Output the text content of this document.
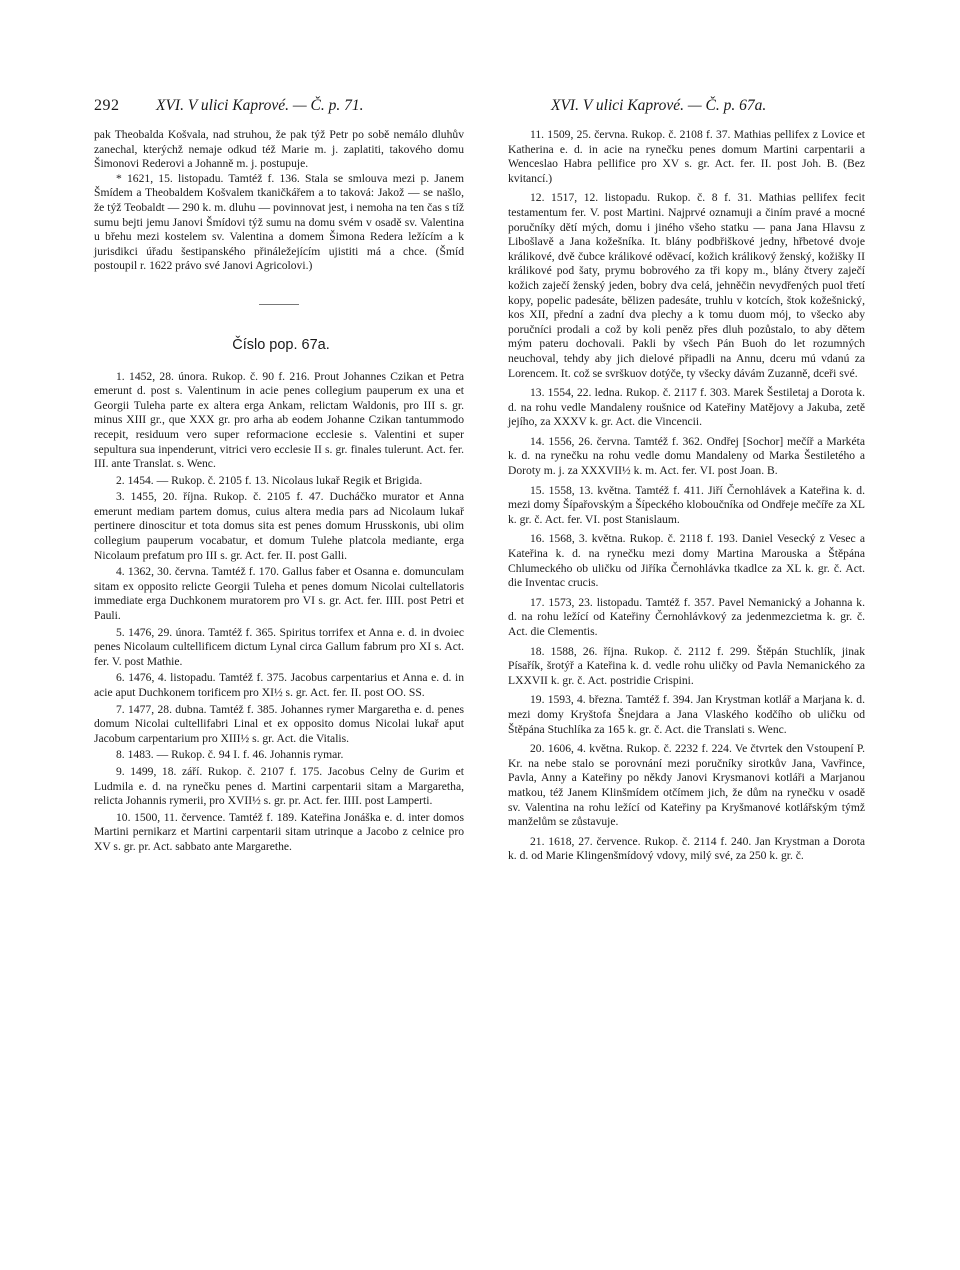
292 XVI. V ulici Kaprové. — Č. p. 71.	XVI. V ulici Kaprové. — Č. p. 67a.

pak Theobalda Košvala, nad struhou, že pak týž Petr po sobě nemálo dluhův zanechal, kterýchž nemaje odkud též Marie m. j. zaplatiti, takového domu Šimonovi Rederovi a Johanně m. j. postupuje.

* 1621, 15. listopadu. Tamtéž f. 136. Stala se smlouva mezi p. Janem Šmídem a Theobaldem Košvalem tkaničkářem a to taková: Jakož — se našlo, že týž Teobaldt — 290 k. m. dluhu — povinnovat jest, i nemoha na ten čas s tíž sumu bejti jemu Janovi Šmídovi týž sumu na domu svém v osadě sv. Valentina u břehu mezi kostelem sv. Valentina a domem Šimona Redera ležícím a k jurisdikci úřadu šestipanského přináležejícím ujistiti má a chce. (Šmíd postoupil r. 1622 právo své Janovi Agricolovi.)

Číslo pop. 67a.

1. 1452, 28. února. Rukop. č. 90 f. 216. Prout Johannes Czikan et Petra emerunt d. post s. Valentinum in acie penes collegium pauperum ex una et Georgii Tuleha parte ex altera erga Ankam, relictam Waldonis, pro III s. gr. minus XIII gr., que XXX gr. pro arha ab eodem Johanne Czikan tantummodo recepit, residuum vero super reformacione ecclesie s. Valentini et super sepultura sua inpenderunt, vitrici vero ecclesie II s. gr. finales tulerunt. Act. fer. III. ante Translat. s. Wenc.

2. 1454. — Rukop. č. 2105 f. 13. Nicolaus lukař Regik et Brigida.

3. 1455, 20. října. Rukop. č. 2105 f. 47. Ducháčko murator et Anna emerunt mediam partem domus, cuius altera media pars ad Nicolaum lukař pertinere dinoscitur et tota domus sita est penes domum Hrusskonis, ubi olim collegium pauperum vocabatur, et domum Tulehe platcola mediante, erga Nicolaum prefatum pro III s. gr. Act. fer. II. post Galli.

4. 1362, 30. června. Tamtéž f. 170. Gallus faber et Osanna e. domunculam sitam ex opposito relicte Georgii Tuleha et penes domum Nicolai cultellatoris immediate erga Duchkonem muratorem pro VI s. gr. Act. fer. IIII. post Petri et Pauli.

5. 1476, 29. února. Tamtéž f. 365. Spiritus torrifex et Anna e. d. in dvoiec penes Nicolaum cultellificem dictum Lynal circa Gallum fabrum pro XI s. Act. fer. V. post Mathie.

6. 1476, 4. listopadu. Tamtéž f. 375. Jacobus carpentarius et Anna e. d. in acie aput Duchkonem torificem pro XI½ s. gr. Act. fer. II. post OO. SS.

7. 1477, 28. dubna. Tamtéž f. 385. Johannes rymer Margaretha e. d. penes domum Nicolai cultellifabri Linal et ex opposito domus Nicolai lukař aput Jacobum carpentarium pro XIII½ s. gr. Act. die Vitalis.

8. 1483. — Rukop. č. 94 I. f. 46. Johannis rymar.

9. 1499, 18. září. Rukop. č. 2107 f. 175. Jacobus Celny de Gurim et Ludmila e. d. na rynečku penes d. Martini carpentarii sitam a Margaretha, relicta Johannis rymerii, pro XVII½ s. gr. pr. Act. fer. IIII. post Lamperti.

10. 1500, 11. července. Tamtéž f. 189. Kateřina Jonáška e. d. inter domos Martini pernikarz et Martini carpentarii sitam utrinque a Jacobo z celnice pro XV s. gr. pr. Act. sabbato ante Margarethe.

11. 1509, 25. června. Rukop. č. 2108 f. 37. Mathias pellifex z Lovice et Katherina e. d. in acie na rynečku penes domum Martini carpentarii a Wenceslao Habra pellifice pro XV s. gr. Act. fer. II. post Joh. B. (Bez kvitancí.)

12. 1517, 12. listopadu. Rukop. č. 8 f. 31. Mathias pellifex fecit testamentum fer. V. post Martini. Najprvé oznamuji a činím pravé a mocné poručníky dětí mých, domu i jiného všeho statku — pana Jana Hlavsu z Libošlavě a Jana kožešníka. It. blány podbřiškové jedny, hřbetové dvoje králikové, dvě čubce králikové oděvací, kožich králikový ženský, kožišky II králikové pod šaty, prymu bobrového za tři kopy m., blány čtvery zaječí kožich zaječí ženský jeden, bobry dva celá, jehněčin nevydřených puol třetí kopy, popelic padesáte, bělizen padesáte, truhlu v kotcích, štok kožešnický, kos XII, přední a zadní dva plechy a k tomu duom mój, to všecko aby poručníci prodali a což by koli peněz přes dluh pozůstalo, to aby dětem mým pateru dochovali. Pakli by všech Pán Buoh do let rozumných neuchoval, tehdy aby jich dielové připadli na Annu, dceru mú vdanú za Lorencem. It. což se svrškuov dotýče, ty všecky dávám Zuzanně, dceři své.

13. 1554, 22. ledna. Rukop. č. 2117 f. 303. Marek Šestiletaj a Dorota k. d. na rohu vedle Mandaleny roušnice od Kateřiny Matějovy a Jakuba, zetě jejího, za XXXV k. gr. Act. die Vincencii.

14. 1556, 26. června. Tamtéž f. 362. Ondřej [Sochor] mečíř a Markéta k. d. na rynečku na rohu vedle domu Mandaleny od Marka Šestiletého a Doroty m. j. za XXXVII½ k. m. Act. fer. VI. post Joan. B.

15. 1558, 13. května. Tamtéž f. 411. Jiří Černohlávek a Kateřina k. d. mezi domy Šípařovským a Šípeckého kloboučníka od Ondřeje mečíře za XL k. gr. č. Act. fer. VI. post Stanislaum.

16. 1568, 3. května. Rukop. č. 2118 f. 193. Daniel Vesecký z Vesec a Kateřina k. d. na rynečku mezi domy Martina Marouska a Štěpána Chlumeckého ob uličku od Jiříka Černohlávka tkadlce za XL k. gr. č. Act. die Inventac crucis.

17. 1573, 23. listopadu. Tamtéž f. 357. Pavel Nemanický a Johanna k. d. na rohu ležící od Kateřiny Černohlávkový za jedenmezcietma k. gr. č. Act. die Clementis.

18. 1588, 26. října. Rukop. č. 2112 f. 299. Štěpán Stuchlík, jinak Písařík, šrotýř a Kateřina k. d. vedle rohu uličky od Pavla Nemanického za LXXVII k. gr. č. Act. postridie Crispini.

19. 1593, 4. března. Tamtéž f. 394. Jan Krystman kotlář a Marjana k. d. mezi domy Kryštofa Šnejdara a Jana Vlaského kodčího ob uličku od Štěpána Stuchlíka za 165 k. gr. č. Act. die Translati s. Wenc.

20. 1606, 4. května. Rukop. č. 2232 f. 224. Ve čtvrtek den Vstoupení P. Kr. na nebe stalo se porovnání mezi poručníky sirotkův Jana, Vavřince, Pavla, Anny a Kateřiny po někdy Janovi Krysmanovi kotláři a Marjanou matkou, též Janem Klinšmídem otčímem jich, že dům na rynečku v osadě sv. Valentina na rohu ležící od Kateřiny pa Kryšmanové kotlářským týmž manželům se zůstavuje.

21. 1618, 27. července. Rukop. č. 2114 f. 240. Jan Krystman a Dorota k. d. od Marie Klingenšmídový vdovy, milý své, za 250 k. gr. č.
